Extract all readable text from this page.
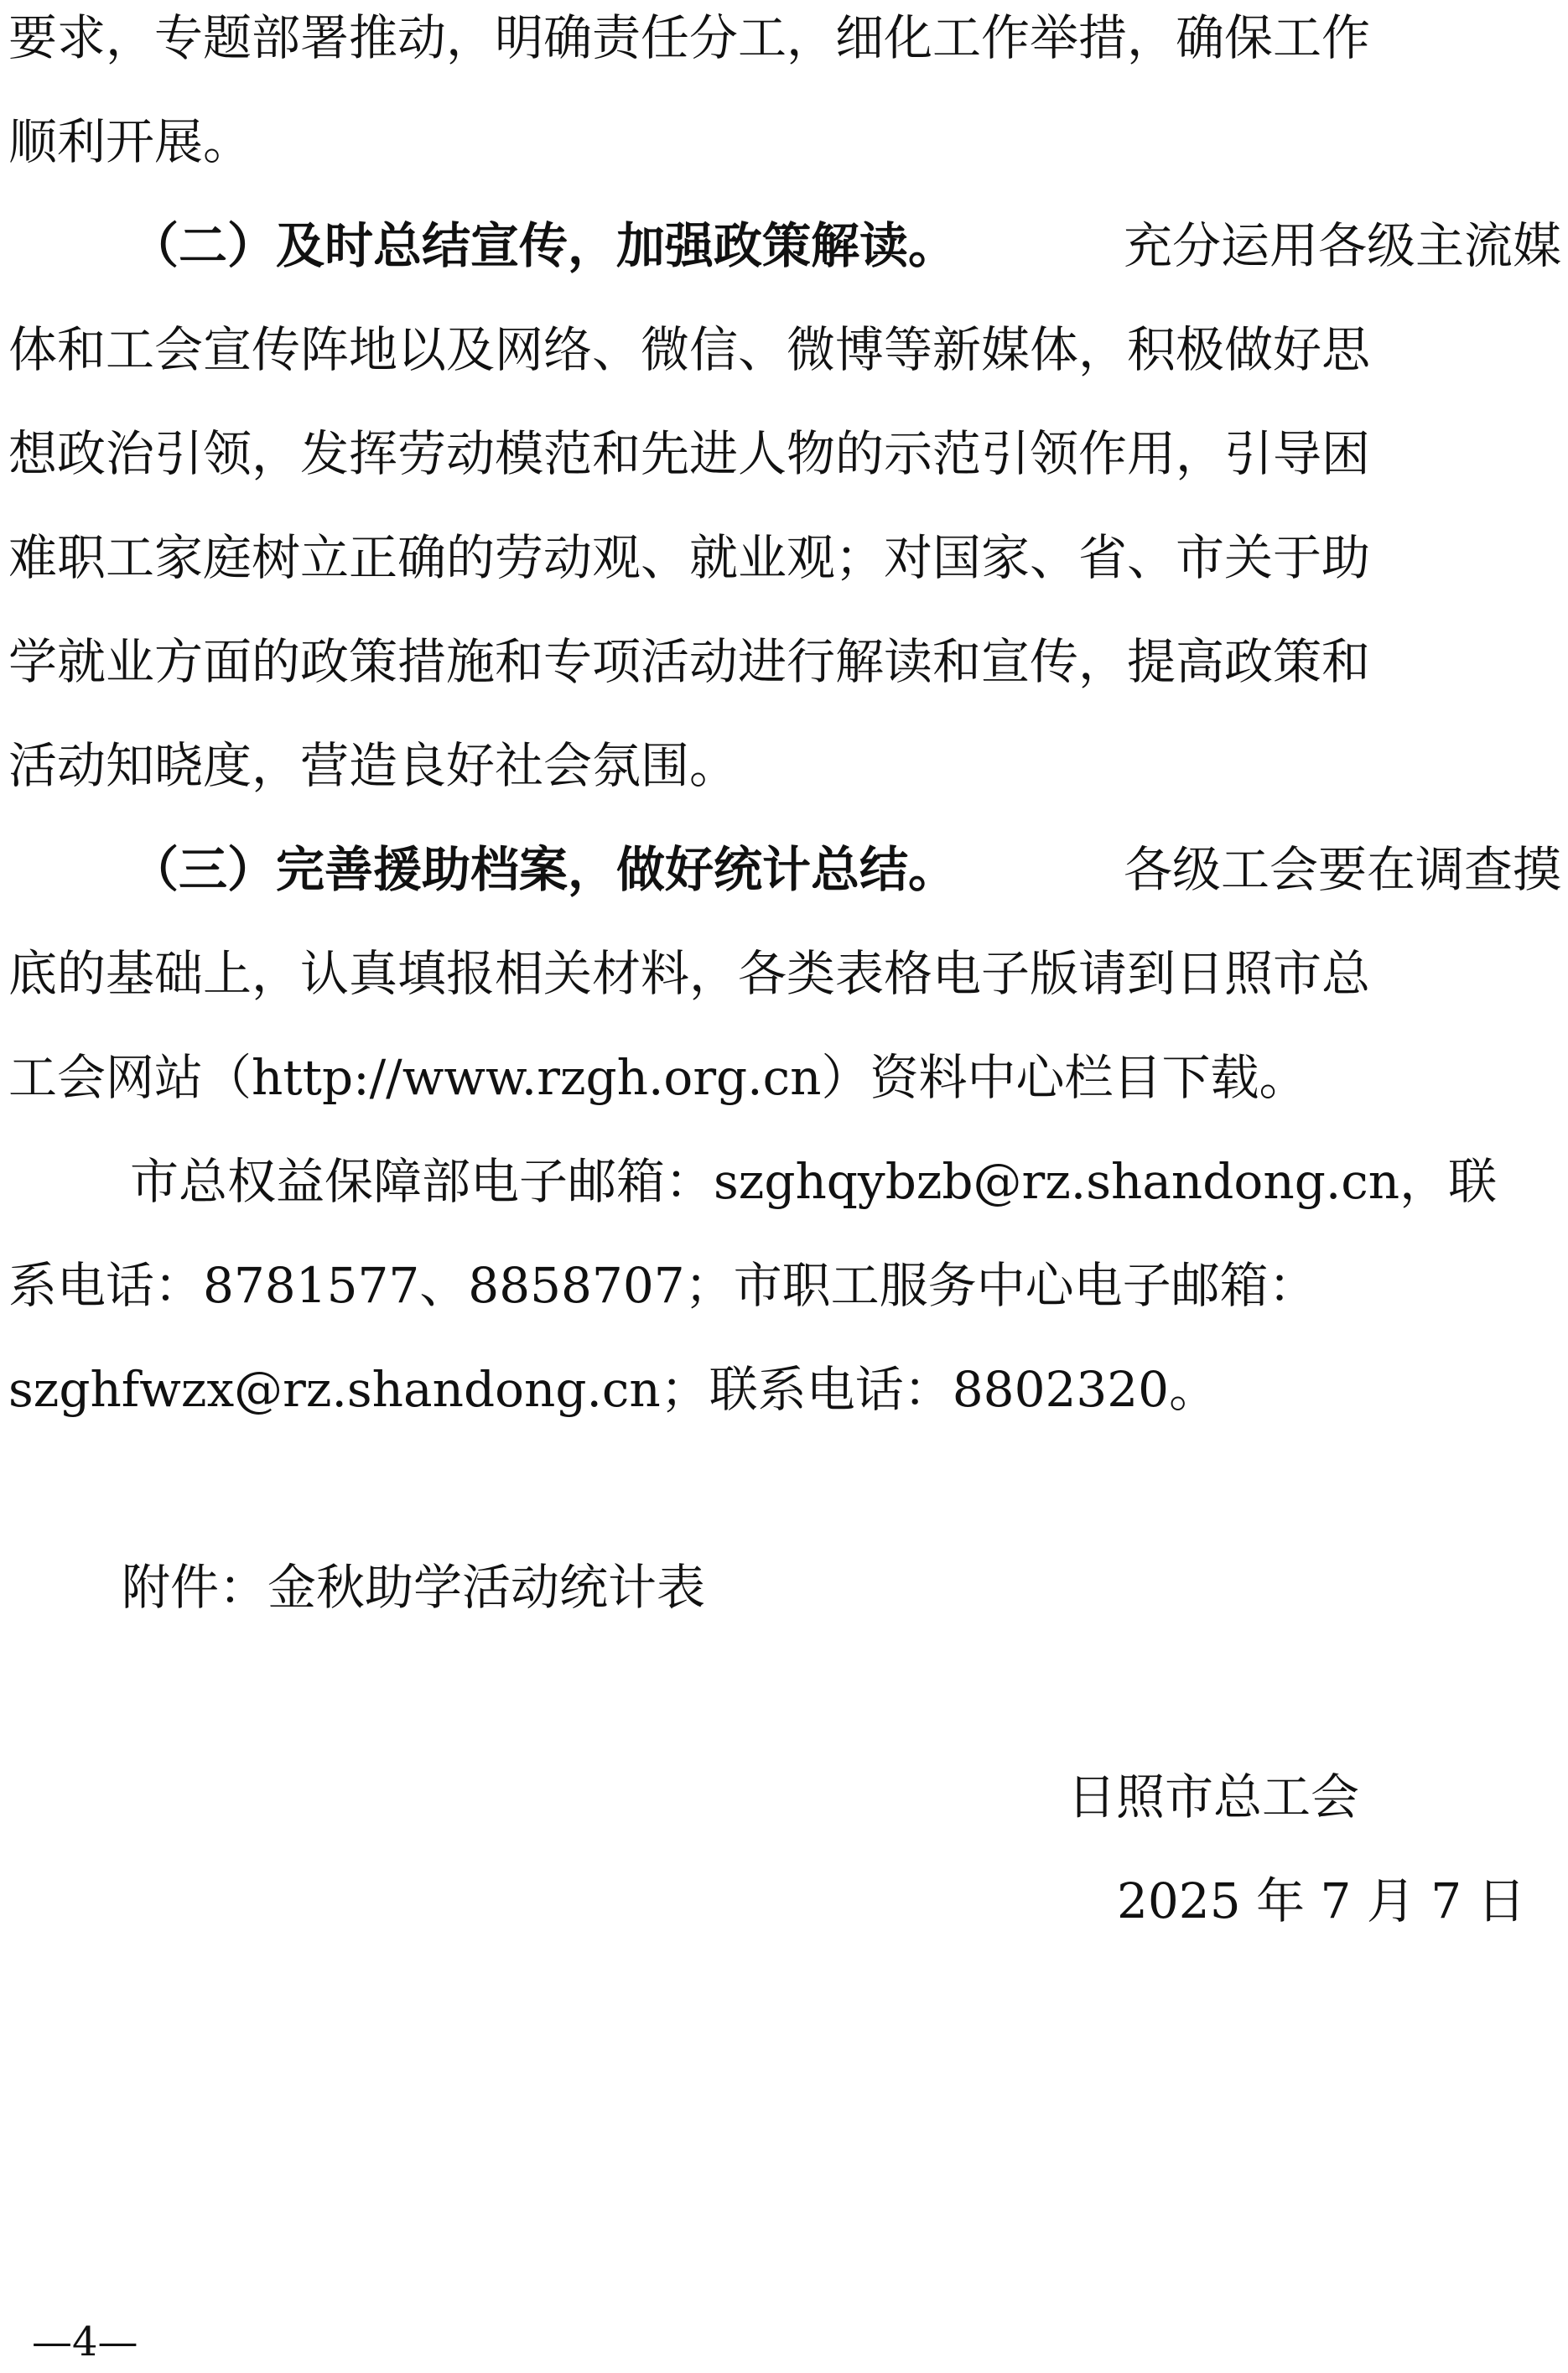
要求，专题部署推动，明确责任分工，细化工作举措，确保工作
顺利开展。
（二）及时总结宣传，加强政策解读。	充分运用各级主流媒
体和工会宣传阵地以及网络、微信、微博等新媒体，积极做好思
想政治引领，发挥劳动模范和先进人物的示范引领作用，引导困
难职工家庭树立正确的劳动观、就业观；对国家、省、市关于助
学就业方面的政策措施和专项活动进行解读和宣传，提高政策和
活动知晓度，营造良好社会氛围。
（三）完善援助档案，做好统计总结。	各级工会要在调查摸
底的基础上，认真填报相关材料，各类表格电子版请到日照市总
工会网站（http://www.rzgh.org.cn）资料中心栏目下载。
市总权益保障部电子邮箱：szghqybzb@rz.shandong.cn，联
系电话：8781577、8858707；市职工服务中心电子邮箱：
szghfwzx@rz.shandong.cn；联系电话：8802320。
附件：金秋助学活动统计表
日照市总工会
2025 年 7 月 7 日
—4—
